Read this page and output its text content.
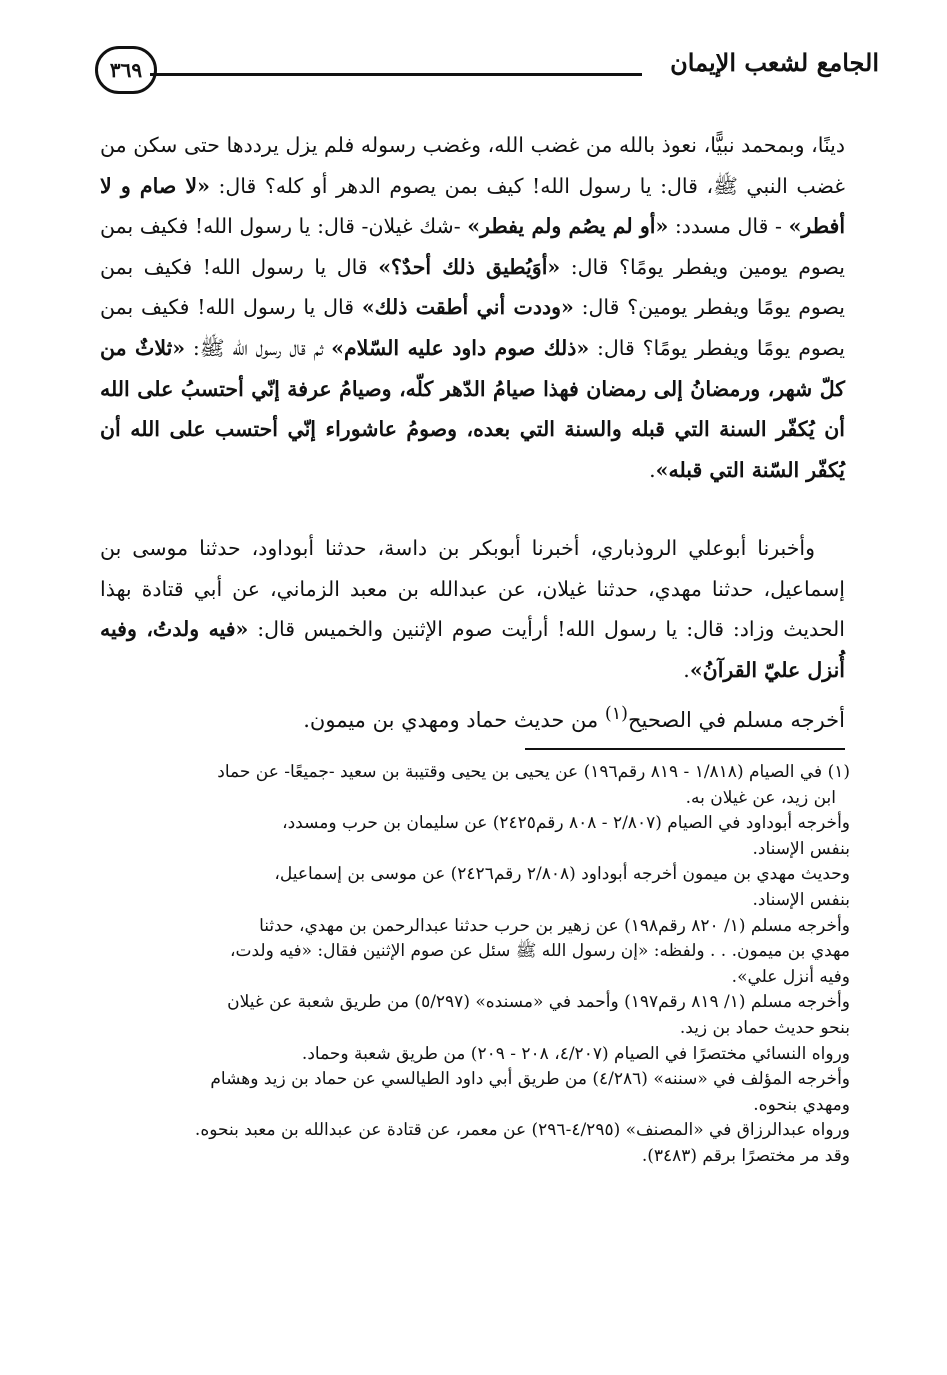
الجامع لشعب الإيمان
٣٦٩

دينًا، وبمحمد نبيًّا، نعوذ بالله من غضب الله، وغضب رسوله فلم يزل يرددها حتى سكن من غضب النبي ﷺ، قال: يا رسول الله! كيف بمن يصوم الدهر أو كله؟ قال: «لا صام و لا أفطر» - قال مسدد: «أو لم يصُم ولم يفطر» -شك غيلان- قال: يا رسول الله! فكيف بمن يصوم يومين ويفطر يومًا؟ قال: «أوَيُطيق ذلك أحدٌ؟» قال يا رسول الله! فكيف بمن يصوم يومًا ويفطر يومين؟ قال: «وددت أني أطقت ذلك» قال يا رسول الله! فكيف بمن يصوم يومًا ويفطر يومًا؟ قال: «ذلك صوم داود عليه السّلام» ثم قال رسول الله ﷺ: «ثلاثٌ من كلّ شهر، ورمضانُ إلى رمضان فهذا صيامُ الدّهر كلّه، وصيامُ عرفة إنّي أحتسبُ على الله أن يُكفّر السنة التي قبله والسنة التي بعده، وصومُ عاشوراء إنّي أحتسب على الله أن يُكفّر السّنة التي قبله».

وأخبرنا أبوعلي الروذباري، أخبرنا أبوبكر بن داسة، حدثنا أبوداود، حدثنا موسى بن إسماعيل، حدثنا مهدي، حدثنا غيلان، عن عبدالله بن معبد الزماني، عن أبي قتادة بهذا الحديث وزاد: قال: يا رسول الله! أرأيت صوم الإثنين والخميس قال: «فيه ولدتُ، وفيه أُنزل عليّ القرآنُ».

أخرجه مسلم في الصحيح$^{(١)}$ من حديث حماد ومهدي بن ميمون.

(١) في الصيام (١/٨١٨ - ٨١٩ رقم١٩٦) عن يحيى بن يحيى وقتيبة بن سعيد -جميعًا- عن حماد

ابن زيد، عن غيلان به.

وأخرجه أبوداود في الصيام (٢/٨٠٧ - ٨٠٨ رقم٢٤٢٥) عن سليمان بن حرب ومسدد،

بنفس الإسناد.

وحديث مهدي بن ميمون أخرجه أبوداود (٢/٨٠٨ رقم٢٤٢٦) عن موسى بن إسماعيل،

بنفس الإسناد.

وأخرجه مسلم (١/ ٨٢٠ رقم١٩٨) عن زهير بن حرب حدثنا عبدالرحمن بن مهدي، حدثنا

مهدي بن ميمون. . . ولفظه: «إن رسول الله ﷺ سئل عن صوم الإثنين فقال: «فيه ولدت،

وفيه أنزل علي».

وأخرجه مسلم (١/ ٨١٩ رقم١٩٧) وأحمد في «مسنده» (٥/٢٩٧) من طريق شعبة عن غيلان

بنحو حديث حماد بن زيد.

ورواه النسائي مختصرًا في الصيام (٤/٢٠٧، ٢٠٨ - ٢٠٩) من طريق شعبة وحماد.

وأخرجه المؤلف في «سننه» (٤/٢٨٦) من طريق أبي داود الطيالسي عن حماد بن زيد وهشام

ومهدي بنحوه.

ورواه عبدالرزاق في «المصنف» (٤/٢٩٥-٢٩٦) عن معمر، عن قتادة عن عبدالله بن معبد بنحوه.

وقد مر مختصرًا برقم (٣٤٨٣).
